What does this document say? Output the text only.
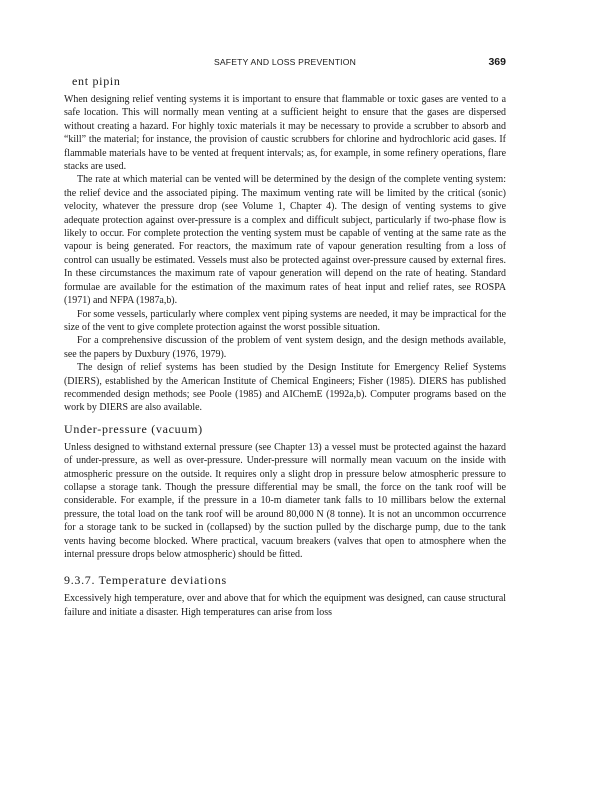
SAFETY AND LOSS PREVENTION	369
ent pipin

When designing relief venting systems it is important to ensure that flammable or toxic gases are vented to a safe location. This will normally mean venting at a sufficient height to ensure that the gases are dispersed without creating a hazard. For highly toxic materials it may be necessary to provide a scrubber to absorb and “kill” the material; for instance, the provision of caustic scrubbers for chlorine and hydrochloric acid gases. If flammable materials have to be vented at frequent intervals; as, for example, in some refinery operations, flare stacks are used.

The rate at which material can be vented will be determined by the design of the complete venting system: the relief device and the associated piping. The maximum venting rate will be limited by the critical (sonic) velocity, whatever the pressure drop (see Volume 1, Chapter 4). The design of venting systems to give adequate protection against over-pressure is a complex and difficult subject, particularly if two-phase flow is likely to occur. For complete protection the venting system must be capable of venting at the same rate as the vapour is being generated. For reactors, the maximum rate of vapour generation resulting from a loss of control can usually be estimated. Vessels must also be protected against over-pressure caused by external fires. In these circumstances the maximum rate of vapour generation will depend on the rate of heating. Standard formulae are available for the estimation of the maximum rates of heat input and relief rates, see ROSPA (1971) and NFPA (1987a,b).

For some vessels, particularly where complex vent piping systems are needed, it may be impractical for the size of the vent to give complete protection against the worst possible situation.

For a comprehensive discussion of the problem of vent system design, and the design methods available, see the papers by Duxbury (1976, 1979).

The design of relief systems has been studied by the Design Institute for Emergency Relief Systems (DIERS), established by the American Institute of Chemical Engineers; Fisher (1985). DIERS has published recommended design methods; see Poole (1985) and AIChemE (1992a,b). Computer programs based on the work by DIERS are also available.

Under-pressure (vacuum)

Unless designed to withstand external pressure (see Chapter 13) a vessel must be protected against the hazard of under-pressure, as well as over-pressure. Under-pressure will normally mean vacuum on the inside with atmospheric pressure on the outside. It requires only a slight drop in pressure below atmospheric pressure to collapse a storage tank. Though the pressure differential may be small, the force on the tank roof will be considerable. For example, if the pressure in a 10-m diameter tank falls to 10 millibars below the external pressure, the total load on the tank roof will be around 80,000 N (8 tonne). It is not an uncommon occurrence for a storage tank to be sucked in (collapsed) by the suction pulled by the discharge pump, due to the tank vents having become blocked. Where practical, vacuum breakers (valves that open to atmosphere when the internal pressure drops below atmospheric) should be fitted.

9.3.7. Temperature deviations

Excessively high temperature, over and above that for which the equipment was designed, can cause structural failure and initiate a disaster. High temperatures can arise from loss
